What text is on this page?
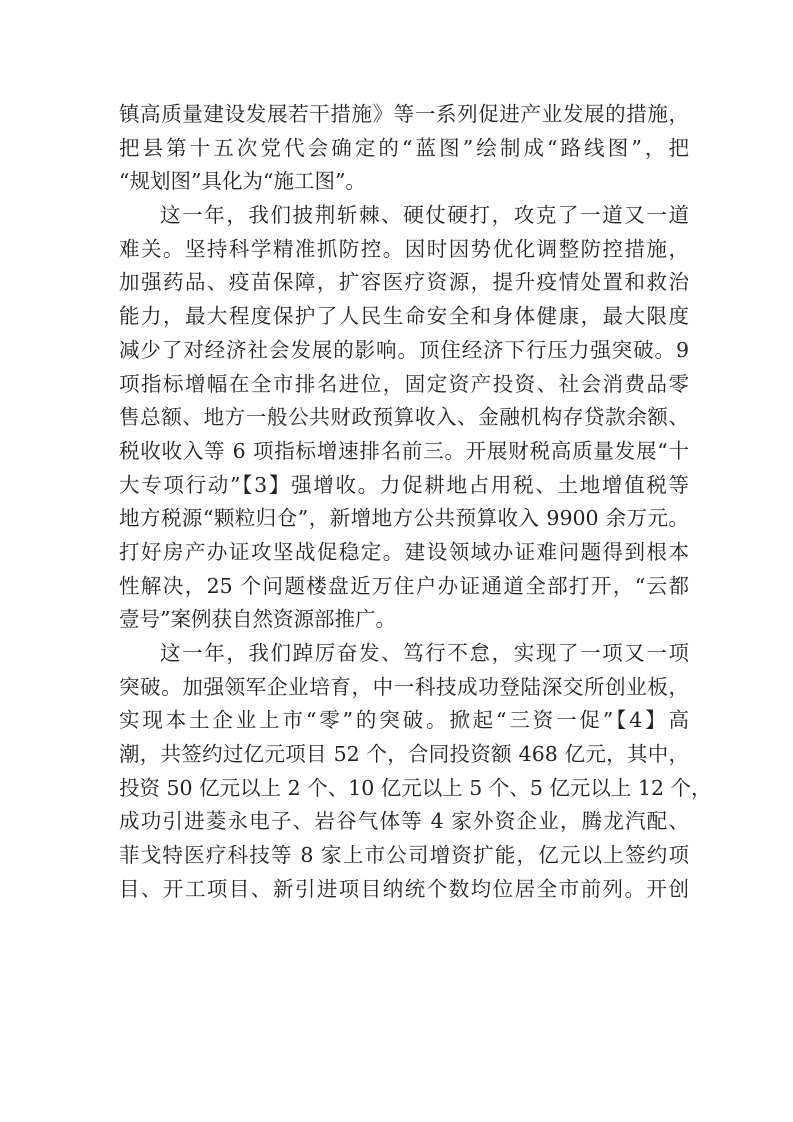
镇高质量建设发展若干措施》等一系列促进产业发展的措施，
把县第十五次党代会确定的“蓝图”绘制成“路线图”，把
“规划图”具化为“施工图”。
这一年，我们披荆斩棘、硬仗硬打，攻克了一道又一道
难关。坚持科学精准抓防控。因时因势优化调整防控措施，
加强药品、疫苗保障，扩容医疗资源，提升疫情处置和救治
能力，最大程度保护了人民生命安全和身体健康，最大限度
减少了对经济社会发展的影响。顶住经济下行压力强突破。9
项指标增幅在全市排名进位，固定资产投资、社会消费品零
售总额、地方一般公共财政预算收入、金融机构存贷款余额、
税收收入等 6 项指标增速排名前三。开展财税高质量发展“十
大专项行动”【3】强增收。力促耕地占用税、土地增值税等
地方税源“颗粒归仓”，新增地方公共预算收入 9900 余万元。
打好房产办证攻坚战促稳定。建设领域办证难问题得到根本
性解决，25 个问题楼盘近万住户办证通道全部打开，“云都
壹号”案例获自然资源部推广。
这一年，我们踔厉奋发、笃行不怠，实现了一项又一项
突破。加强领军企业培育，中一科技成功登陆深交所创业板，
实现本土企业上市“零”的突破。掀起“三资一促”【4】高
潮，共签约过亿元项目 52 个，合同投资额 468 亿元，其中，
投资 50 亿元以上 2 个、10 亿元以上 5 个、5 亿元以上 12 个，
成功引进菱永电子、岩谷气体等 4 家外资企业，腾龙汽配、
菲戈特医疗科技等 8 家上市公司增资扩能，亿元以上签约项
目、开工项目、新引进项目纳统个数均位居全市前列。开创
